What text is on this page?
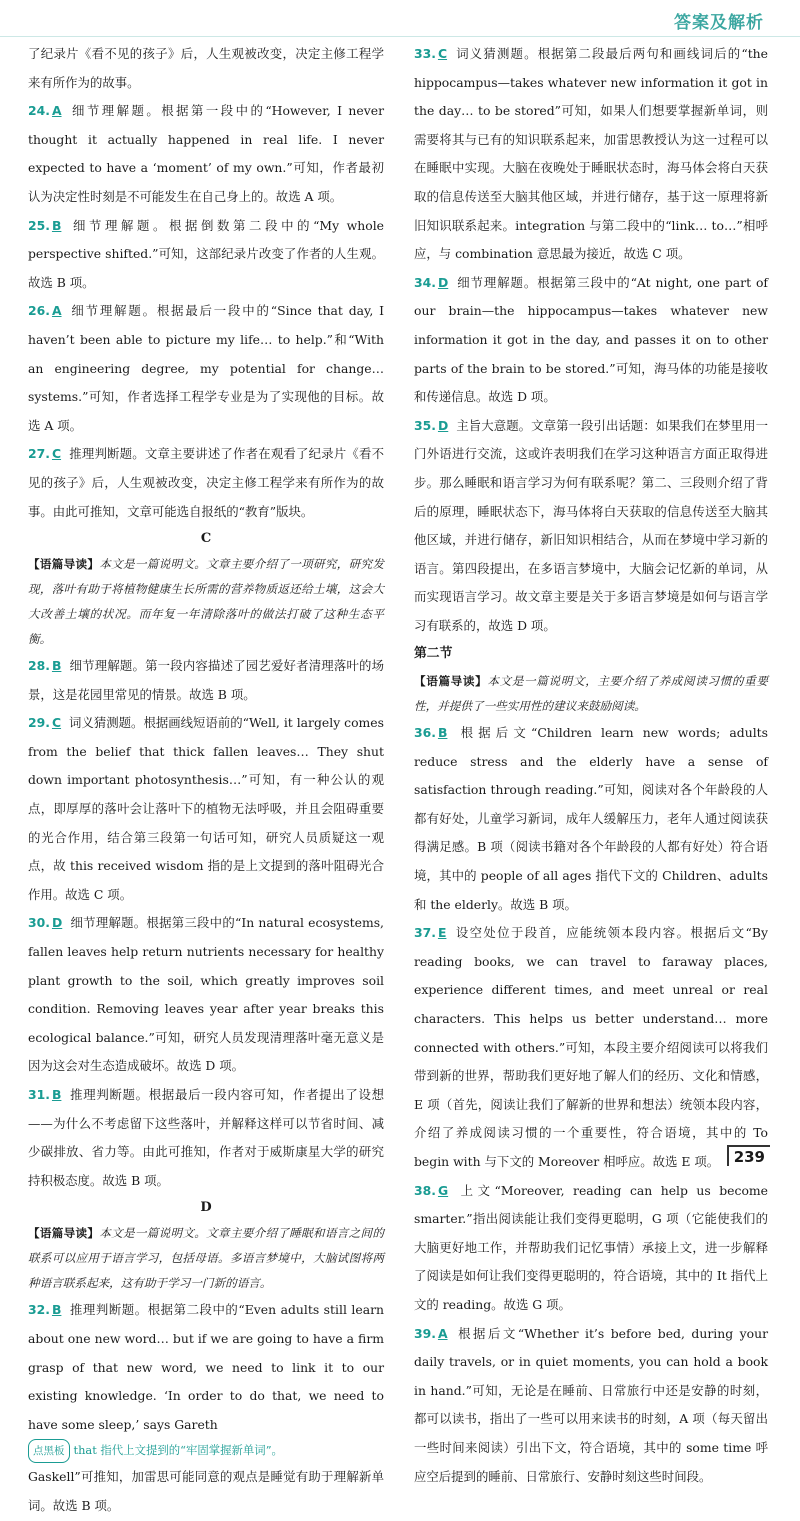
答案及解析

了纪录片《看不见的孩子》后，人生观被改变，决定主修工程学来有所作为的故事。

24. A 细节理解题。根据第一段中的“However, I never thought it actually happened in real life. I never expected to have a ‘moment’ of my own.”可知，作者最初认为决定性时刻是不可能发生在自己身上的。故选 A 项。

25. B 细节理解题。根据倒数第二段中的“My whole perspective shifted.”可知，这部纪录片改变了作者的人生观。故选 B 项。

26. A 细节理解题。根据最后一段中的“Since that day, I haven’t been able to picture my life… to help.”和“With an engineering degree, my potential for change… systems.”可知，作者选择工程学专业是为了实现他的目标。故选 A 项。

27. C 推理判断题。文章主要讲述了作者在观看了纪录片《看不见的孩子》后，人生观被改变，决定主修工程学来有所作为的故事。由此可推知，文章可能选自报纸的“教育”版块。

C

【语篇导读】本文是一篇说明文。文章主要介绍了一项研究，研究发现，落叶有助于将植物健康生长所需的营养物质返还给土壤，这会大大改善土壤的状况。而年复一年清除落叶的做法打破了这种生态平衡。

28. B 细节理解题。第一段内容描述了园艺爱好者清理落叶的场景，这是花园里常见的情景。故选 B 项。

29. C 词义猜测题。根据画线短语前的“Well, it largely comes from the belief that thick fallen leaves… They shut down important photosynthesis…”可知，有一种公认的观点，即厚厚的落叶会让落叶下的植物无法呼吸，并且会阻碍重要的光合作用，结合第三段第一句话可知，研究人员质疑这一观点，故 this received wisdom 指的是上文提到的落叶阻碍光合作用。故选 C 项。

30. D 细节理解题。根据第三段中的“In natural ecosystems, fallen leaves help return nutrients necessary for healthy plant growth to the soil, which greatly improves soil condition. Removing leaves year after year breaks this ecological balance.”可知，研究人员发现清理落叶毫无意义是因为这会对生态造成破坏。故选 D 项。

31. B 推理判断题。根据最后一段内容可知，作者提出了设想——为什么不考虑留下这些落叶，并解释这样可以节省时间、减少碳排放、省力等。由此可推知，作者对于威斯康星大学的研究持积极态度。故选 B 项。

D

【语篇导读】本文是一篇说明文。文章主要介绍了睡眠和语言之间的联系可以应用于语言学习，包括母语。多语言梦境中，大脑试图将两种语言联系起来，这有助于学习一门新的语言。

32. B 推理判断题。根据第二段中的“Even adults still learn about one new word… but if we are going to have a firm grasp of that new word, we need to link it to our existing knowledge. ‘In order to do that, we need to have some sleep,’ says Gareth

点黑板 that 指代上文提到的“牢固掌握新单词”。

Gaskell”可推知，加雷思可能同意的观点是睡觉有助于理解新单词。故选 B 项。

33. C 词义猜测题。根据第二段最后两句和画线词后的“the hippocampus—takes whatever new information it got in the day… to be stored”可知，如果人们想要掌握新单词，则需要将其与已有的知识联系起来，加雷思教授认为这一过程可以在睡眠中实现。大脑在夜晚处于睡眠状态时，海马体会将白天获取的信息传送至大脑其他区域，并进行储存，基于这一原理将新旧知识联系起来。integration 与第二段中的“link… to…”相呼应，与 combination 意思最为接近，故选 C 项。

34. D 细节理解题。根据第三段中的“At night, one part of our brain—the hippocampus—takes whatever new information it got in the day, and passes it on to other parts of the brain to be stored.”可知，海马体的功能是接收和传递信息。故选 D 项。

35. D 主旨大意题。文章第一段引出话题：如果我们在梦里用一门外语进行交流，这或许表明我们在学习这种语言方面正取得进步。那么睡眠和语言学习为何有联系呢？第二、三段则介绍了背后的原理，睡眠状态下，海马体将白天获取的信息传送至大脑其他区域，并进行储存，新旧知识相结合，从而在梦境中学习新的语言。第四段提出，在多语言梦境中，大脑会记忆新的单词，从而实现语言学习。故文章主要是关于多语言梦境是如何与语言学习有联系的，故选 D 项。

第二节

【语篇导读】本文是一篇说明文，主要介绍了养成阅读习惯的重要性，并提供了一些实用性的建议来鼓励阅读。

36. B 根据后文“Children learn new words; adults reduce stress and the elderly have a sense of satisfaction through reading.”可知，阅读对各个年龄段的人都有好处，儿童学习新词，成年人缓解压力，老年人通过阅读获得满足感。B 项（阅读书籍对各个年龄段的人都有好处）符合语境，其中的 people of all ages 指代下文的 Children、adults 和 the elderly。故选 B 项。

37. E 设空处位于段首，应能统领本段内容。根据后文“By reading books, we can travel to faraway places, experience different times, and meet unreal or real characters. This helps us better understand… more connected with others.”可知，本段主要介绍阅读可以将我们带到新的世界，帮助我们更好地了解人们的经历、文化和情感，E 项（首先，阅读让我们了解新的世界和想法）统领本段内容，介绍了养成阅读习惯的一个重要性，符合语境，其中的 To begin with 与下文的 Moreover 相呼应。故选 E 项。

38. G 上文“Moreover, reading can help us become smarter.”指出阅读能让我们变得更聪明，G 项（它能使我们的大脑更好地工作，并帮助我们记忆事情）承接上文，进一步解释了阅读是如何让我们变得更聪明的，符合语境，其中的 It 指代上文的 reading。故选 G 项。

39. A 根据后文“Whether it’s before bed, during your daily travels, or in quiet moments, you can hold a book in hand.”可知，无论是在睡前、日常旅行中还是安静的时刻，都可以读书，指出了一些可以用来读书的时刻，A 项（每天留出一些时间来阅读）引出下文，符合语境，其中的 some time 呼应空后提到的睡前、日常旅行、安静时刻这些时间段。

239
